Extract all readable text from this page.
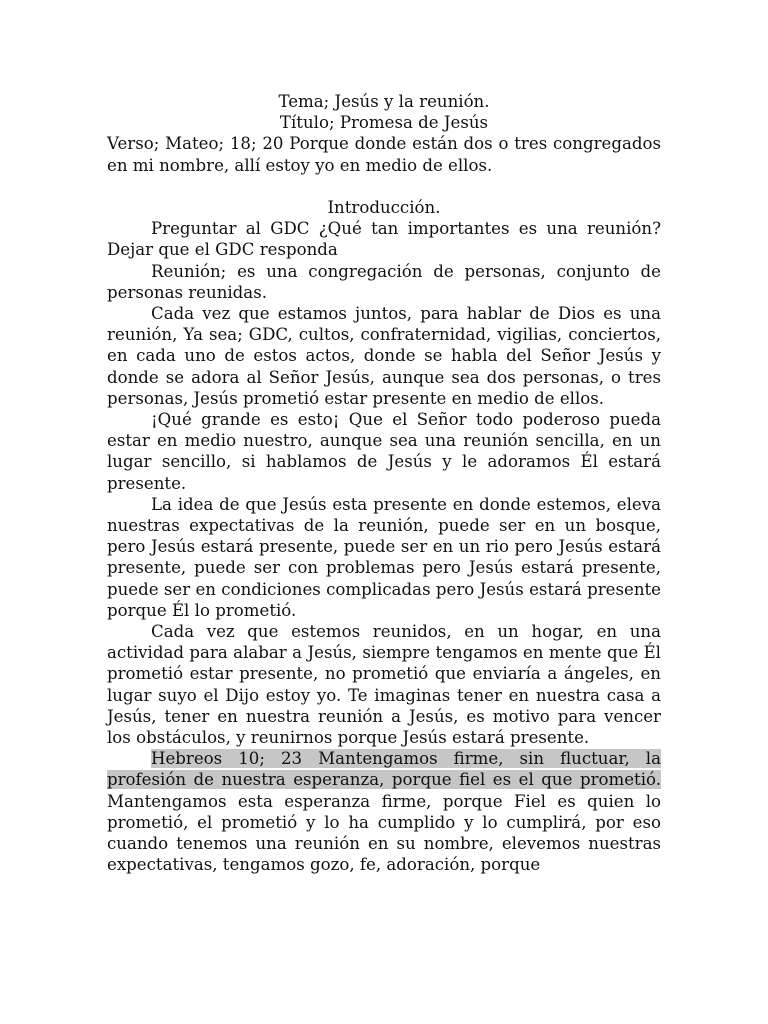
Tema; Jesús y la reunión.

Título; Promesa de Jesús

Verso; Mateo; 18; 20 Porque donde están dos o tres congregados en mi nombre, allí estoy yo en medio de ellos.

Introducción.

Preguntar al GDC ¿Qué tan importantes es una reunión? Dejar que el GDC responda

Reunión; es una congregación de personas, conjunto de personas reunidas.

Cada vez que estamos juntos, para hablar de Dios es una reunión, Ya sea; GDC, cultos, confraternidad, vigilias, conciertos, en cada uno de estos actos, donde se habla del Señor Jesús y donde se adora al Señor Jesús, aunque sea dos personas, o tres personas, Jesús prometió estar presente en medio de ellos.

¡Qué grande es esto¡ Que el Señor todo poderoso pueda estar en medio nuestro, aunque sea una reunión sencilla, en un lugar sencillo, si hablamos de Jesús y le adoramos Él estará presente.

La idea de que Jesús esta presente en donde estemos, eleva nuestras expectativas de la reunión, puede ser en un bosque, pero Jesús estará presente, puede ser en un rio pero Jesús estará presente, puede ser con problemas pero Jesús estará presente, puede ser en condiciones complicadas pero Jesús estará presente porque Él lo prometió.

Cada vez que estemos reunidos, en un hogar, en una actividad para alabar a Jesús, siempre tengamos en mente que Él prometió estar presente, no prometió que enviaría a ángeles, en lugar suyo el Dijo estoy yo. Te imaginas tener en nuestra casa a Jesús, tener en nuestra reunión a Jesús, es motivo para vencer los obstáculos, y reunirnos porque Jesús estará presente.

Hebreos 10; 23 Mantengamos firme, sin fluctuar, la profesión de nuestra esperanza, porque fiel es el que prometió. Mantengamos esta esperanza firme, porque Fiel es quien lo prometió, el prometió y lo ha cumplido y lo cumplirá, por eso cuando tenemos una reunión en su nombre, elevemos nuestras expectativas, tengamos gozo, fe, adoración, porque
